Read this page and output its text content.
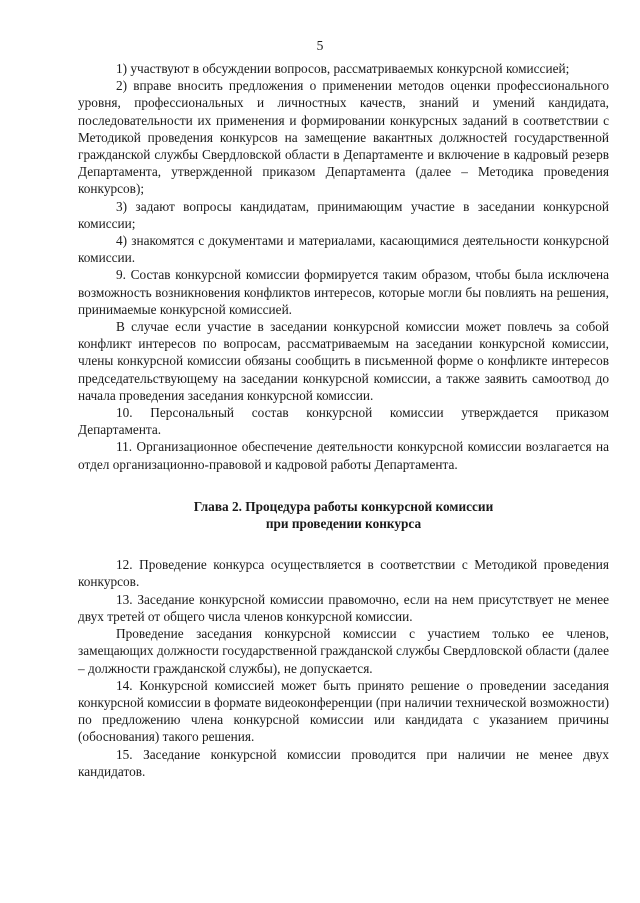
5

1) участвуют в обсуждении вопросов, рассматриваемых конкурсной комиссией;

2) вправе вносить предложения о применении методов оценки профессионального уровня, профессиональных и личностных качеств, знаний и умений кандидата, последовательности их применения и формировании конкурсных заданий в соответствии с Методикой проведения конкурсов на замещение вакантных должностей государственной гражданской службы Свердловской области в Департаменте и включение в кадровый резерв Департамента, утвержденной приказом Департамента (далее – Методика проведения конкурсов);

3) задают вопросы кандидатам, принимающим участие в заседании конкурсной комиссии;

4) знакомятся с документами и материалами, касающимися деятельности конкурсной комиссии.

9. Состав конкурсной комиссии формируется таким образом, чтобы была исключена возможность возникновения конфликтов интересов, которые могли бы повлиять на решения, принимаемые конкурсной комиссией.

В случае если участие в заседании конкурсной комиссии может повлечь за собой конфликт интересов по вопросам, рассматриваемым на заседании конкурсной комиссии, члены конкурсной комиссии обязаны сообщить в письменной форме о конфликте интересов председательствующему на заседании конкурсной комиссии, а также заявить самоотвод до начала проведения заседания конкурсной комиссии.

10. Персональный состав конкурсной комиссии утверждается приказом Департамента.

11. Организационное обеспечение деятельности конкурсной комиссии возлагается на отдел организационно-правовой и кадровой работы Департамента.

Глава 2. Процедура работы конкурсной комиссии
при проведении конкурса

12. Проведение конкурса осуществляется в соответствии с Методикой проведения конкурсов.

13. Заседание конкурсной комиссии правомочно, если на нем присутствует не менее двух третей от общего числа членов конкурсной комиссии.

Проведение заседания конкурсной комиссии с участием только ее членов, замещающих должности государственной гражданской службы Свердловской области (далее – должности гражданской службы), не допускается.

14. Конкурсной комиссией может быть принято решение о проведении заседания конкурсной комиссии в формате видеоконференции (при наличии технической возможности) по предложению члена конкурсной комиссии или кандидата с указанием причины (обоснования) такого решения.

15. Заседание конкурсной комиссии проводится при наличии не менее двух кандидатов.
